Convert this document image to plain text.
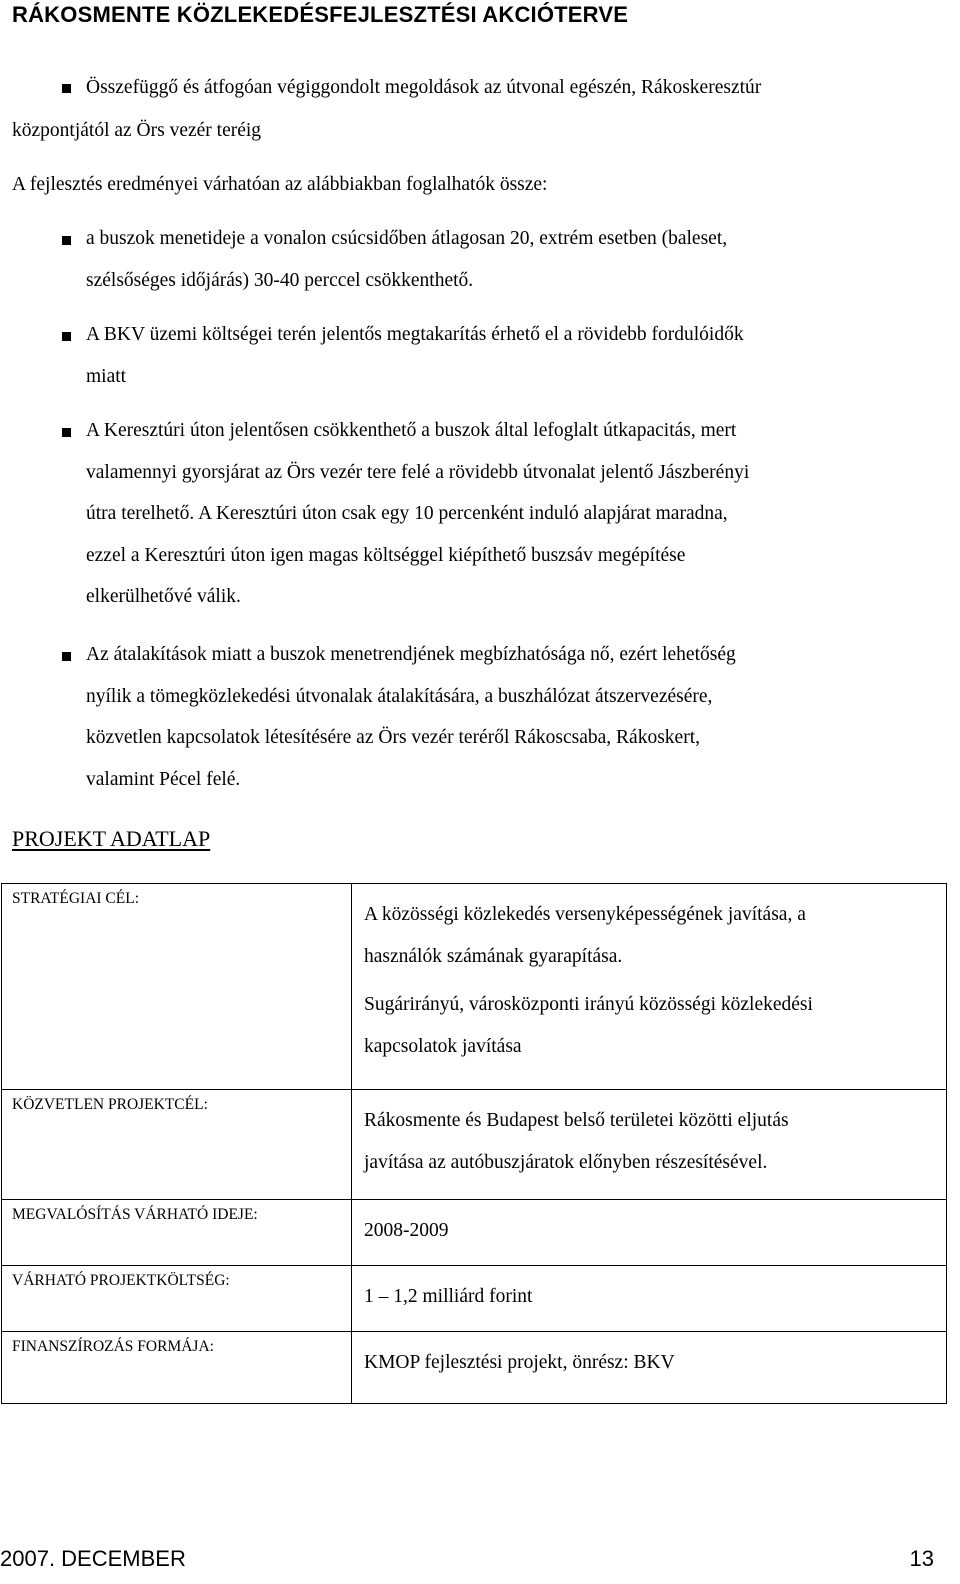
RÁKOSMENTE KÖZLEKEDÉSFEJLESZTÉSI AKCIÓTERVE
Összefüggő és átfogóan végiggondolt megoldások az útvonal egészén, Rákoskeresztúr
központjától az Örs vezér teréig
A fejlesztés eredményei várhatóan az alábbiakban foglalhatók össze:
a buszok menetideje a vonalon csúcsidőben átlagosan 20, extrém esetben (baleset,
szélsőséges időjárás) 30-40 perccel csökkenthető.
A BKV üzemi költségei terén jelentős megtakarítás érhető el a rövidebb fordulóidők
miatt
A Keresztúri úton jelentősen csökkenthető a buszok által lefoglalt útkapacitás, mert
valamennyi gyorsjárat az Örs vezér tere felé a rövidebb útvonalat jelentő Jászberényi
útra terelhető. A Keresztúri úton csak egy 10 percenként induló alapjárat maradna,
ezzel a Keresztúri úton igen magas költséggel kiépíthető buszsáv megépítése
elkerülhetővé válik.
Az átalakítások miatt a buszok menetrendjének megbízhatósága nő, ezért lehetőség
nyílik a tömegközlekedési útvonalak átalakítására, a buszhálózat átszervezésére,
közvetlen kapcsolatok létesítésére az Örs vezér teréről Rákoscsaba, Rákoskert,
valamint Pécel felé.
PROJEKT ADATLAP
STRATÉGIAI CÉL:	A közösségi közlekedés versenyképességének javítása, a
használók számának gyarapítása.
Sugárirányú, városközponti irányú közösségi közlekedési
kapcsolatok javítása

KÖZVETLEN PROJEKTCÉL:	Rákosmente és Budapest belső területei közötti eljutás
javítása az autóbuszjáratok előnyben részesítésével.

MEGVALÓSÍTÁS VÁRHATÓ IDEJE:	2008-2009

VÁRHATÓ PROJEKTKÖLTSÉG:	1 – 1,2 milliárd forint

FINANSZÍROZÁS FORMÁJA:	KMOP fejlesztési projekt, önrész: BKV
2007. DECEMBER	13
